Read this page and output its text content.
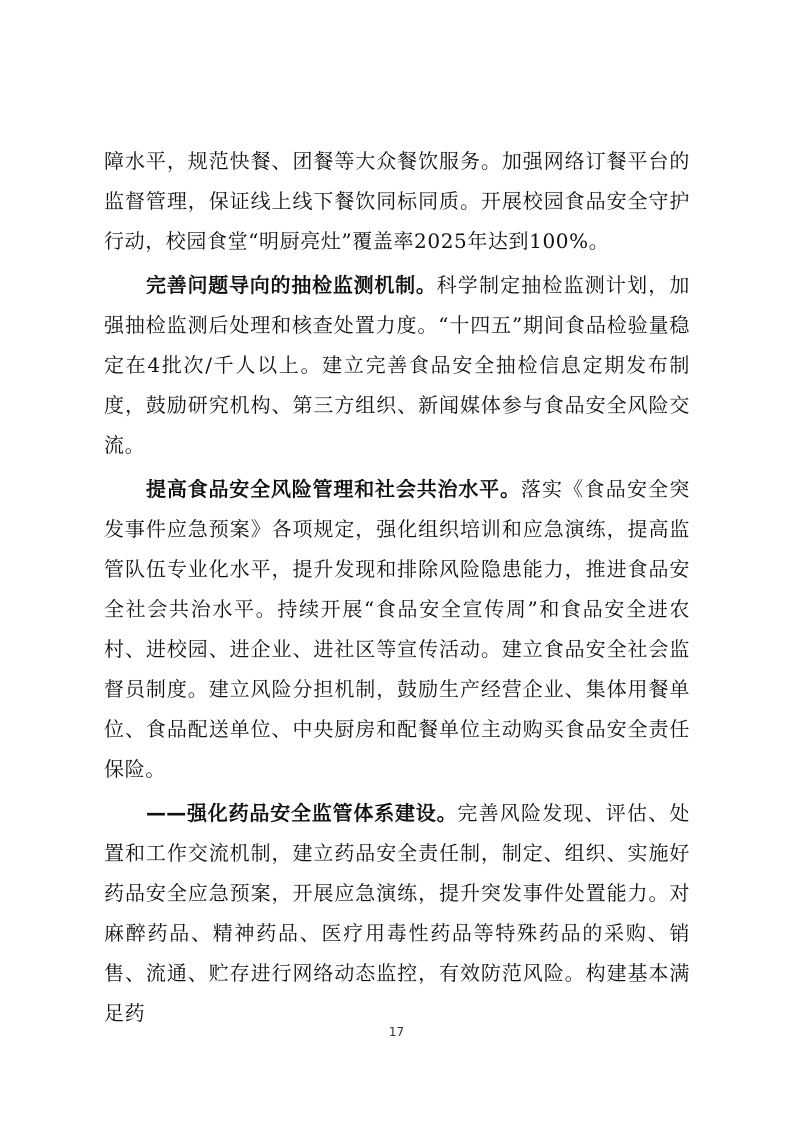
障水平，规范快餐、团餐等大众餐饮服务。加强网络订餐平台的监督管理，保证线上线下餐饮同标同质。开展校园食品安全守护行动，校园食堂“明厨亮灶”覆盖率2025年达到100%。

完善问题导向的抽检监测机制。科学制定抽检监测计划，加强抽检监测后处理和核查处置力度。“十四五”期间食品检验量稳定在4批次/千人以上。建立完善食品安全抽检信息定期发布制度，鼓励研究机构、第三方组织、新闻媒体参与食品安全风险交流。

提高食品安全风险管理和社会共治水平。落实《食品安全突发事件应急预案》各项规定，强化组织培训和应急演练，提高监管队伍专业化水平，提升发现和排除风险隐患能力，推进食品安全社会共治水平。持续开展“食品安全宣传周”和食品安全进农村、进校园、进企业、进社区等宣传活动。建立食品安全社会监督员制度。建立风险分担机制，鼓励生产经营企业、集体用餐单位、食品配送单位、中央厨房和配餐单位主动购买食品安全责任保险。

——强化药品安全监管体系建设。完善风险发现、评估、处置和工作交流机制，建立药品安全责任制，制定、组织、实施好药品安全应急预案，开展应急演练，提升突发事件处置能力。对麻醉药品、精神药品、医疗用毒性药品等特殊药品的采购、销售、流通、贮存进行网络动态监控，有效防范风险。构建基本满足药

17
